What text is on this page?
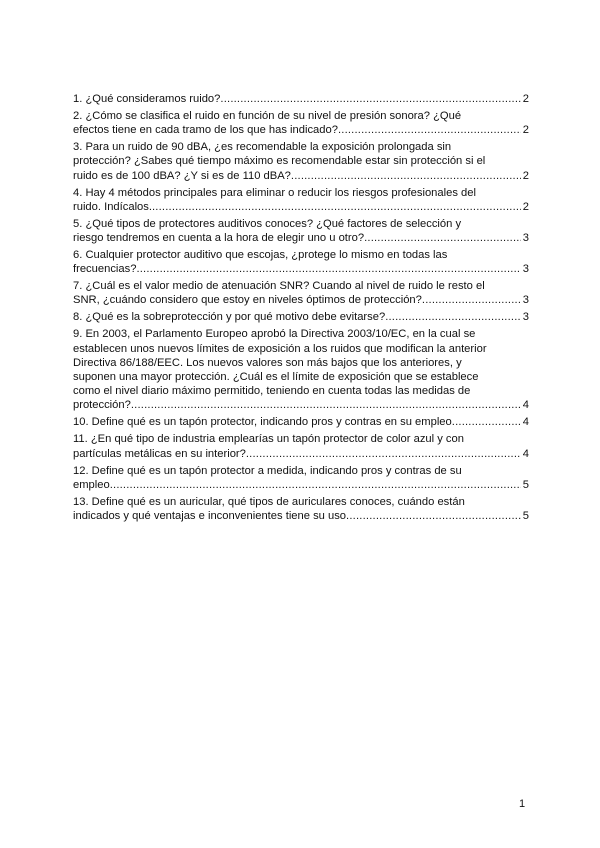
1. ¿Qué consideramos ruido? .....	2
2. ¿Cómo se clasifica el ruido en función de su nivel de presión sonora? ¿Qué
efectos tiene en cada tramo de los que has indicado? .....	2
3. Para un ruido de 90 dBA, ¿es recomendable la exposición prolongada sin
protección? ¿Sabes qué tiempo máximo es recomendable estar sin protección si el
ruido es de 100 dBA? ¿Y si es de 110 dBA? .....	2
4. Hay 4 métodos principales para eliminar o reducir los riesgos profesionales del
ruido. Indícalos. .....	2
5. ¿Qué tipos de protectores auditivos conoces? ¿Qué factores de selección y
riesgo tendremos en cuenta a la hora de elegir uno u otro? .....	3
6. Cualquier protector auditivo que escojas, ¿protege lo mismo en todas las
frecuencias? .....	3
7. ¿Cuál es el valor medio de atenuación SNR? Cuando al nivel de ruido le resto el
SNR, ¿cuándo considero que estoy en niveles óptimos de protección? .....	3
8. ¿Qué es la sobreprotección y por qué motivo debe evitarse? .....	3
9. En 2003, el Parlamento Europeo aprobó la Directiva 2003/10/EC, en la cual se
establecen unos nuevos límites de exposición a los ruidos que modifican la anterior
Directiva 86/188/EEC. Los nuevos valores son más bajos que los anteriores, y
suponen una mayor protección. ¿Cuál es el límite de exposición que se establece
como el nivel diario máximo permitido, teniendo en cuenta todas las medidas de
protección? .....	4
10. Define qué es un tapón protector, indicando pros y contras en su empleo .....	4
11. ¿En qué tipo de industria emplearías un tapón protector de color azul y con
partículas metálicas en su interior? .....	4
12. Define qué es un tapón protector a medida, indicando pros y contras de su
empleo .....	5
13. Define qué es un auricular, qué tipos de auriculares conoces, cuándo están
indicados y qué ventajas e inconvenientes tiene su uso .....	5
1
